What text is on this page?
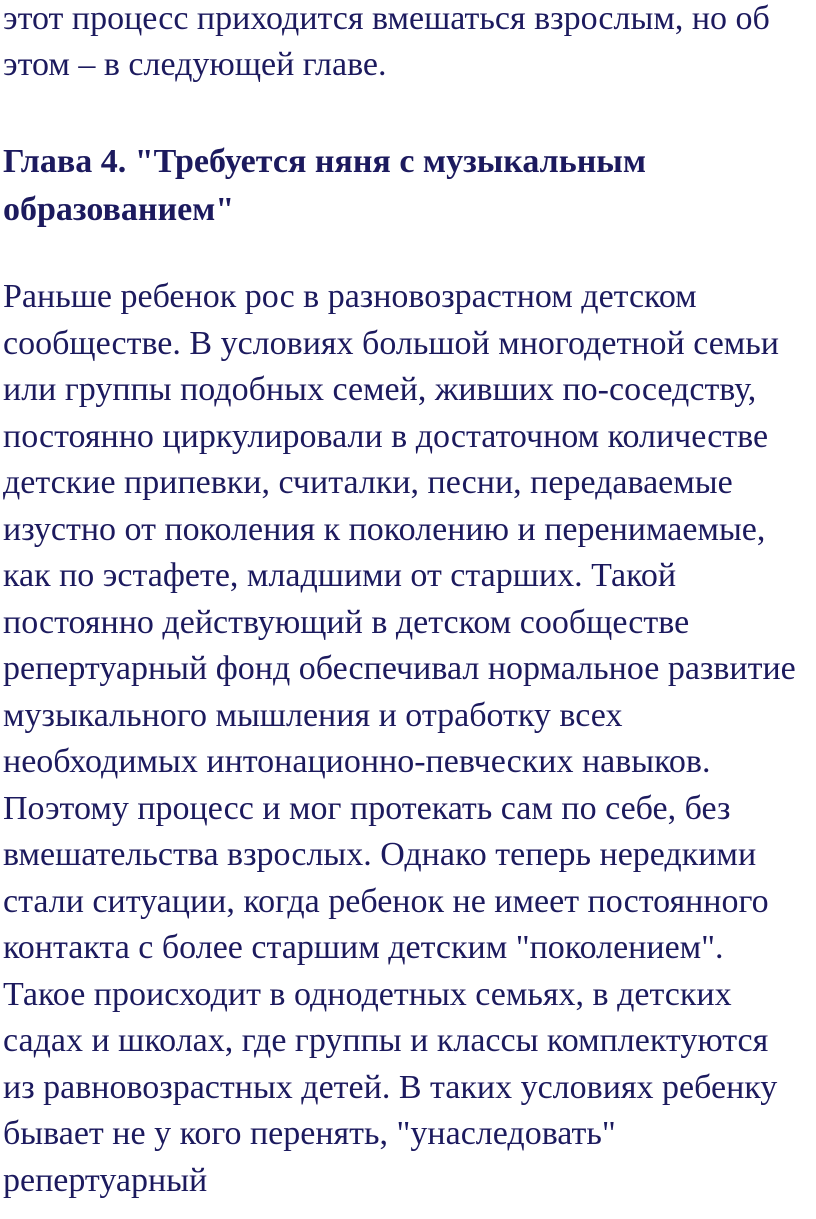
этот процесс приходится вмешаться взрослым, но об
этом – в следующей главе.
Глава 4. "Требуется няня с музыкальным
образованием"
Раньше ребенок рос в разновозрастном детском
сообществе. В условиях большой многодетной семьи
или группы подобных семей, живших по-соседству,
постоянно циркулировали в достаточном количестве
детские припевки, считалки, песни, передаваемые
изустно от поколения к поколению и перенимаемые,
как по эстафете, младшими от старших. Такой
постоянно действующий в детском сообществе
репертуарный фонд обеспечивал нормальное развитие
музыкального мышления и отработку всех
необходимых интонационно-певческих навыков.
Поэтому процесс и мог протекать сам по себе, без
вмешательства взрослых. Однако теперь нередкими
стали ситуации, когда ребенок не имеет постоянного
контакта с более старшим детским "поколением".
Такое происходит в однодетных семьях, в детских
садах и школах, где группы и классы комплектуются
из равновозрастных детей. В таких условиях ребенку
бывает не у кого перенять, "унаследовать"
репертуарный
